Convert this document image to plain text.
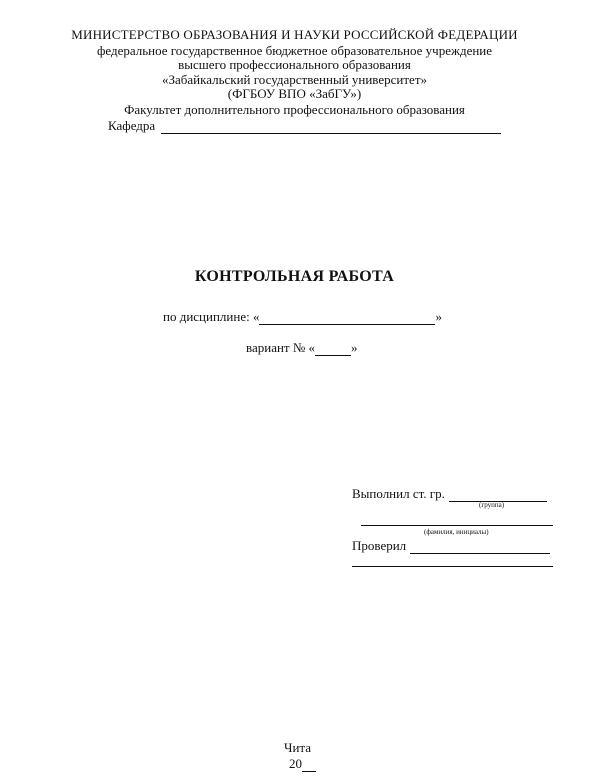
МИНИСТЕРСТВО ОБРАЗОВАНИЯ И НАУКИ РОССИЙСКОЙ ФЕДЕРАЦИИ
федеральное государственное бюджетное образовательное учреждение
высшего профессионального образования
«Забайкальский государственный университет»
(ФГБОУ ВПО «ЗабГУ»)
Факультет дополнительного профессионального образования
Кафедра
КОНТРОЛЬНАЯ РАБОТА
по дисциплине: «	»
вариант № «	»
Выполнил ст. гр.
(группа)
(фамилия, инициалы)
Проверил
Чита
20
